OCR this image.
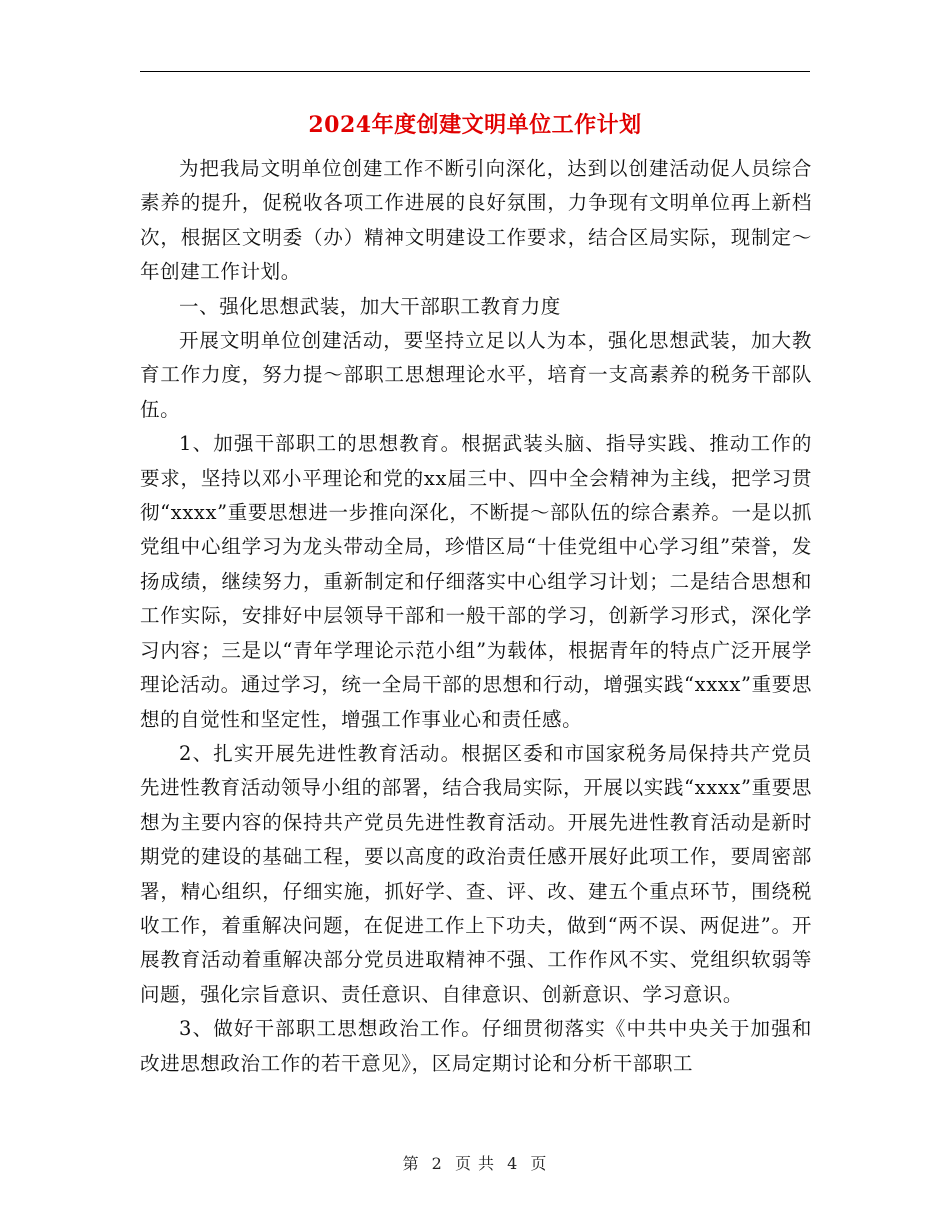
2024年度创建文明单位工作计划

为把我局文明单位创建工作不断引向深化，达到以创建活动促人员综合素养的提升，促税收各项工作进展的良好氛围，力争现有文明单位再上新档次，根据区文明委（办）精神文明建设工作要求，结合区局实际，现制定～年创建工作计划。

一、强化思想武装，加大干部职工教育力度

开展文明单位创建活动，要坚持立足以人为本，强化思想武装，加大教育工作力度，努力提～部职工思想理论水平，培育一支高素养的税务干部队伍。

1、加强干部职工的思想教育。根据武装头脑、指导实践、推动工作的要求，坚持以邓小平理论和党的xx届三中、四中全会精神为主线，把学习贯彻“xxxx”重要思想进一步推向深化，不断提～部队伍的综合素养。一是以抓党组中心组学习为龙头带动全局，珍惜区局“十佳党组中心学习组”荣誉，发扬成绩，继续努力，重新制定和仔细落实中心组学习计划；二是结合思想和工作实际，安排好中层领导干部和一般干部的学习，创新学习形式，深化学习内容；三是以“青年学理论示范小组”为载体，根据青年的特点广泛开展学理论活动。通过学习，统一全局干部的思想和行动，增强实践“xxxx”重要思想的自觉性和坚定性，增强工作事业心和责任感。

2、扎实开展先进性教育活动。根据区委和市国家税务局保持共产党员先进性教育活动领导小组的部署，结合我局实际，开展以实践“xxxx”重要思想为主要内容的保持共产党员先进性教育活动。开展先进性教育活动是新时期党的建设的基础工程，要以高度的政治责任感开展好此项工作，要周密部署，精心组织，仔细实施，抓好学、查、评、改、建五个重点环节，围绕税收工作，着重解决问题，在促进工作上下功夫，做到“两不误、两促进”。开展教育活动着重解决部分党员进取精神不强、工作作风不实、党组织软弱等问题，强化宗旨意识、责任意识、自律意识、创新意识、学习意识。

3、做好干部职工思想政治工作。仔细贯彻落实《中共中央关于加强和改进思想政治工作的若干意见》，区局定期讨论和分析干部职工

第 2 页 共 4 页
